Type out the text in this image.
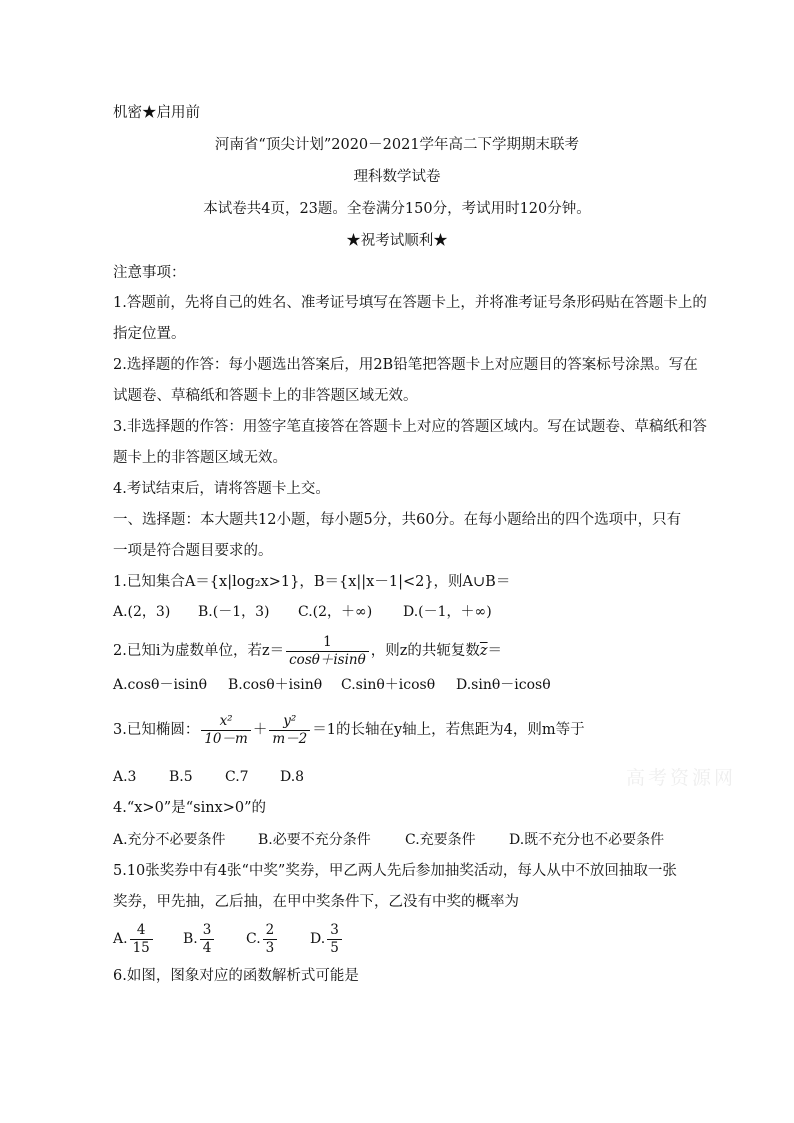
机密★启用前
河南省“顶尖计划”2020－2021学年高二下学期期末联考
理科数学试卷
本试卷共4页，23题。全卷满分150分，考试用时120分钟。
★祝考试顺利★
注意事项：
1.答题前，先将自己的姓名、准考证号填写在答题卡上，并将准考证号条形码贴在答题卡上的
指定位置。
2.选择题的作答：每小题选出答案后，用2B铅笔把答题卡上对应题目的答案标号涂黑。写在
试题卷、草稿纸和答题卡上的非答题区域无效。
3.非选择题的作答：用签字笔直接答在答题卡上对应的答题区域内。写在试题卷、草稿纸和答
题卡上的非答题区域无效。
4.考试结束后，请将答题卡上交。
一、选择题：本大题共12小题，每小题5分，共60分。在每小题给出的四个选项中，只有
一项是符合题目要求的。
1.已知集合A＝{x|log₂x>1}，B＝{x||x－1|<2}，则A∪B＝
A.(2，3) B.(－1，3) C.(2，＋∞) D.(－1，＋∞)
2.已知i为虚数单位，若$z= \frac{1}{\cos\theta+isin\theta}$ ，则z的共轭复数$\overline{z}=$
A.cosθ－isinθ B.cosθ＋isinθ C.sinθ＋icosθ D.sinθ－icosθ
3.已知椭圆： $\frac{\text{x²}}{10-m} + \frac{\text{y²}}{m-2} =1$的长轴在y轴上，若焦距为4，则m等于
A.3 B.5 C.7 D.8
4.“x>0”是“sinx>0”的
A.充分不必要条件 B.必要不充分条件 C.充要条件 D.既不充分也不必要条件
5.10张奖券中有4张“中奖”奖券，甲乙两人先后参加抽奖活动，每人从中不放回抽取一张
奖券，甲先抽，乙后抽，在甲中奖条件下，乙没有中奖的概率为
A. $\frac{4}{15} B$. $\frac{3}{4} C$. $\frac{2}{3} D$. $\frac{3}{5}$
6.如图，图象对应的函数解析式可能是
高考资源网
